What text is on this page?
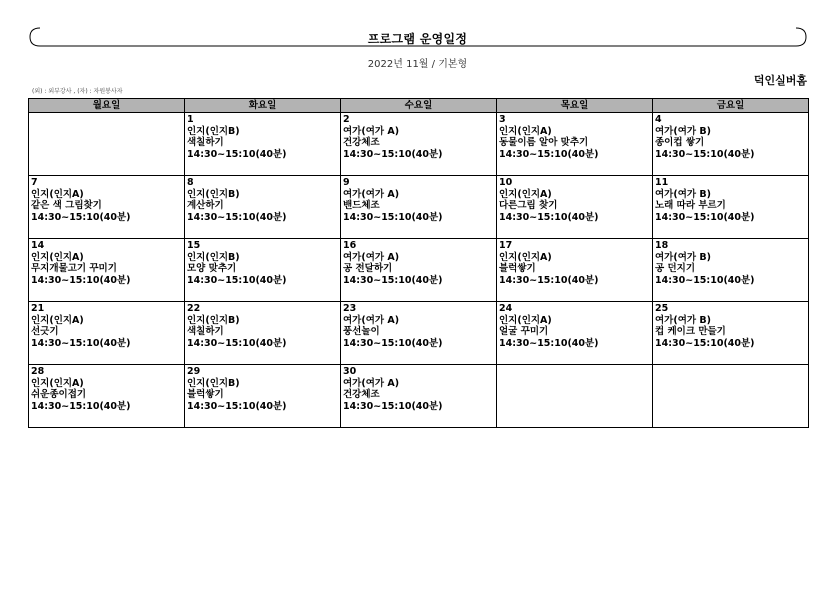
프로그램 운영일정
2022년 11월 / 기본형
덕인실버홈
(외) : 외부강사 , (자) : 자원봉사자
월요일	화요일	수요일	목요일	금요일

	1
인지(인지B)
색칠하기
14:30~15:10(40분)	2
여가(여가 A)
건강체조
14:30~15:10(40분)	3
인지(인지A)
동물이름 알아 맞추기
14:30~15:10(40분)	4
여가(여가 B)
종이컵 쌓기
14:30~15:10(40분)

7
인지(인지A)
같은 색 그림찾기
14:30~15:10(40분)	8
인지(인지B)
계산하기
14:30~15:10(40분)	9
여가(여가 A)
밴드체조
14:30~15:10(40분)	10
인지(인지A)
다른그림 찾기
14:30~15:10(40분)	11
여가(여가 B)
노래 따라 부르기
14:30~15:10(40분)

14
인지(인지A)
무지개물고기 꾸미기
14:30~15:10(40분)	15
인지(인지B)
모양 맞추기
14:30~15:10(40분)	16
여가(여가 A)
공 전달하기
14:30~15:10(40분)	17
인지(인지A)
블럭쌓기
14:30~15:10(40분)	18
여가(여가 B)
공 던지기
14:30~15:10(40분)

21
인지(인지A)
선긋기
14:30~15:10(40분)	22
인지(인지B)
색칠하기
14:30~15:10(40분)	23
여가(여가 A)
풍선놀이
14:30~15:10(40분)	24
인지(인지A)
얼굴 꾸미기
14:30~15:10(40분)	25
여가(여가 B)
컵 케이크 만들기
14:30~15:10(40분)

28
인지(인지A)
쉬운종이접기
14:30~15:10(40분)	29
인지(인지B)
블럭쌓기
14:30~15:10(40분)	30
여가(여가 A)
건강체조
14:30~15:10(40분)		
